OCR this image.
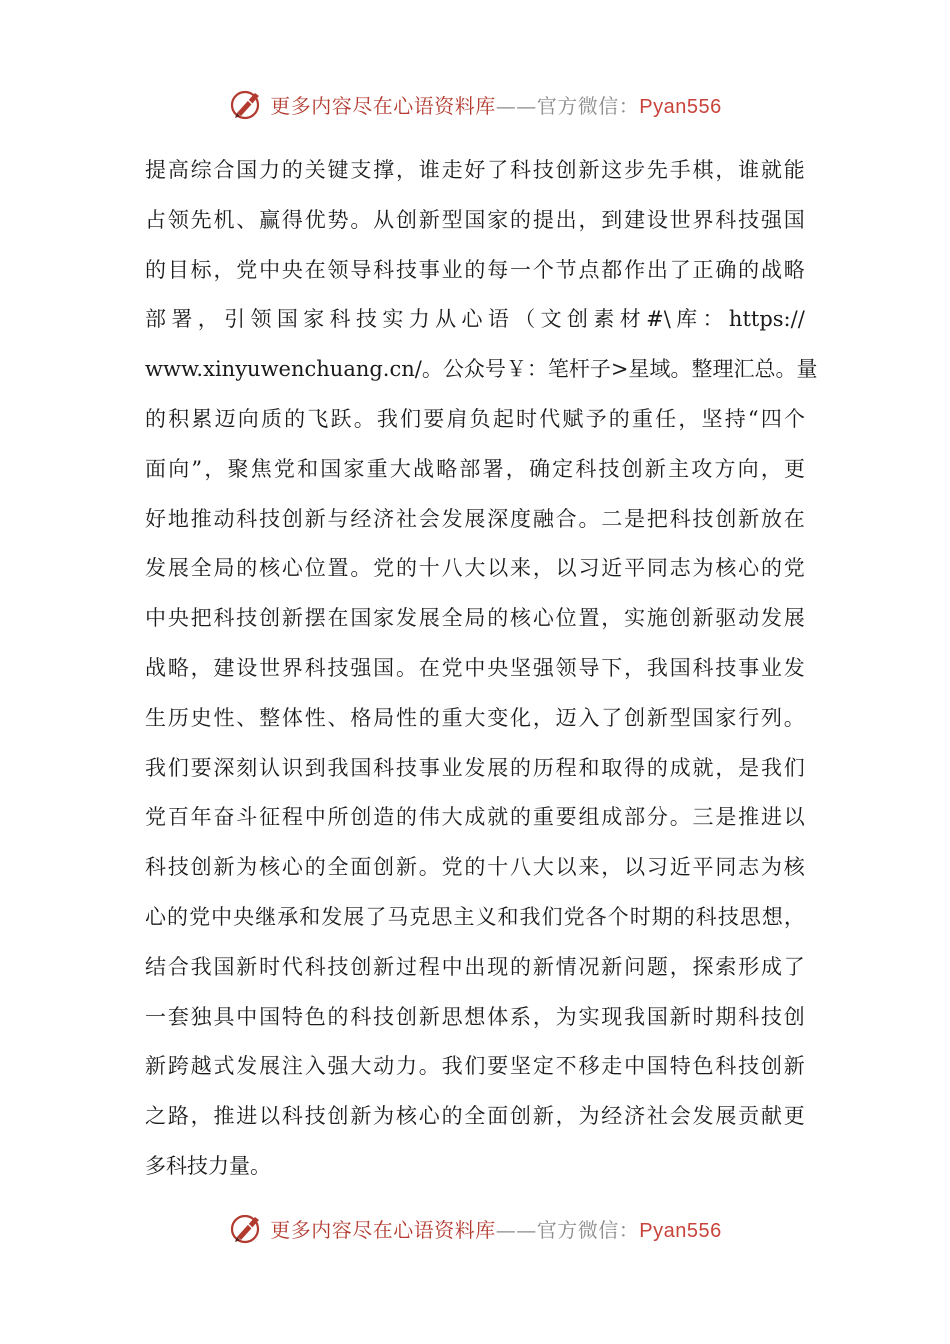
更多内容尽在心语资料库——官方微信：Pyan556
提 高 综 合 国 力 的 关 键 支 撑 ， 谁 走 好 了 科 技 创 新 这 步 先 手 棋 ， 谁 就 能
占 领 先 机 、 赢 得 优 势 。 从 创 新 型 国 家 的 提 出 ， 到 建 设 世 界 科 技 强 国
的 目 标 ， 党 中 央 在 领 导 科 技 事 业 的 每 一 个 节 点 都 作 出 了 正 确 的 战 略
部 署 ， 引 领 国 家 科 技 实 力 从 心 语 （ 文 创 素 材 #\ 库 ： https://
www.xinyuwenchuang.cn/ 。 公 众 号 ￥ ： 笔 杆 子 > 星 域 。 整 理 汇 总 。 量
的 积 累 迈 向 质 的 飞 跃 。 我 们 要 肩 负 起 时 代 赋 予 的 重 任 ， 坚 持 “ 四 个
面 向 ” ， 聚 焦 党 和 国 家 重 大 战 略 部 署 ， 确 定 科 技 创 新 主 攻 方 向 ， 更
好 地 推 动 科 技 创 新 与 经 济 社 会 发 展 深 度 融 合 。 二 是 把 科 技 创 新 放 在
发 展 全 局 的 核 心 位 置 。 党 的 十 八 大 以 来 ， 以 习 近 平 同 志 为 核 心 的 党
中 央 把 科 技 创 新 摆 在 国 家 发 展 全 局 的 核 心 位 置 ， 实 施 创 新 驱 动 发 展
战 略 ， 建 设 世 界 科 技 强 国 。 在 党 中 央 坚 强 领 导 下 ， 我 国 科 技 事 业 发
生 历 史 性 、 整 体 性 、 格 局 性 的 重 大 变 化 ， 迈 入 了 创 新 型 国 家 行 列 。
我 们 要 深 刻 认 识 到 我 国 科 技 事 业 发 展 的 历 程 和 取 得 的 成 就 ， 是 我 们
党 百 年 奋 斗 征 程 中 所 创 造 的 伟 大 成 就 的 重 要 组 成 部 分 。 三 是 推 进 以
科 技 创 新 为 核 心 的 全 面 创 新 。 党 的 十 八 大 以 来 ， 以 习 近 平 同 志 为 核
心 的 党 中 央 继 承 和 发 展 了 马 克 思 主 义 和 我 们 党 各 个 时 期 的 科 技 思 想 ，
结 合 我 国 新 时 代 科 技 创 新 过 程 中 出 现 的 新 情 况 新 问 题 ， 探 索 形 成 了
一 套 独 具 中 国 特 色 的 科 技 创 新 思 想 体 系 ， 为 实 现 我 国 新 时 期 科 技 创
新 跨 越 式 发 展 注 入 强 大 动 力 。 我 们 要 坚 定 不 移 走 中 国 特 色 科 技 创 新
之 路 ， 推 进 以 科 技 创 新 为 核 心 的 全 面 创 新 ， 为 经 济 社 会 发 展 贡 献 更
多科技力量。
更多内容尽在心语资料库——官方微信：Pyan556
